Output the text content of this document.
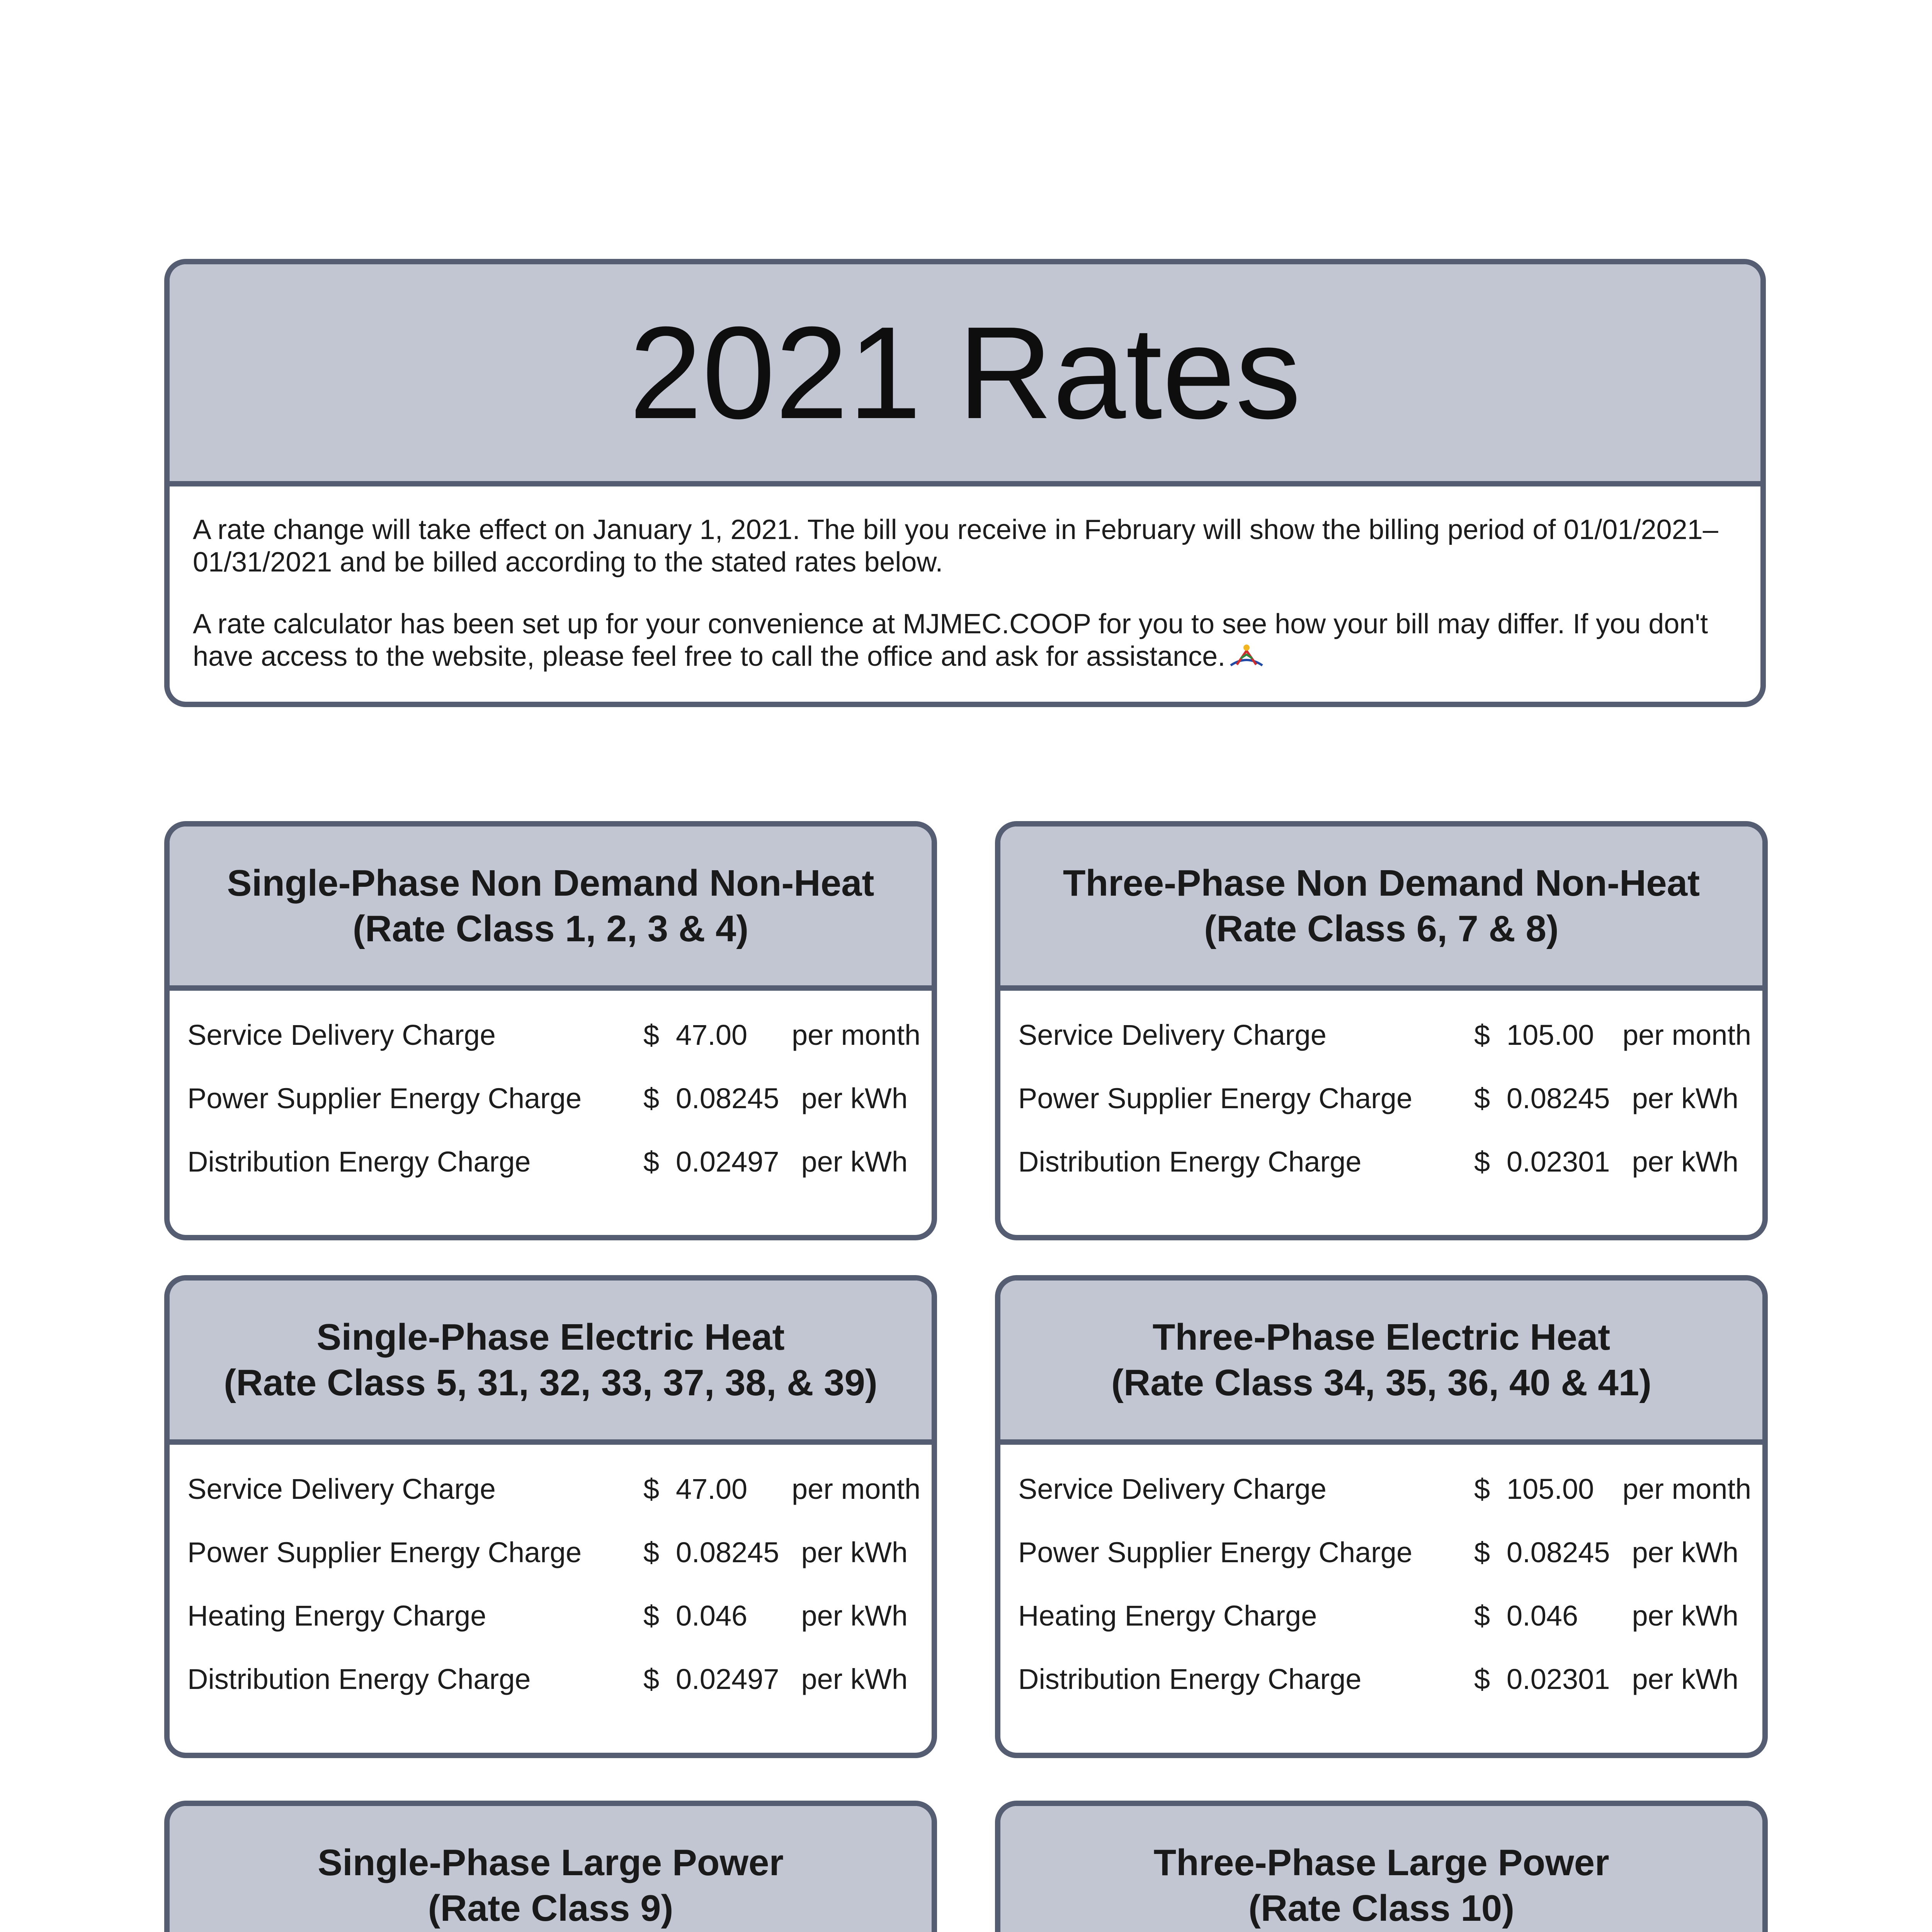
2021 Rates

A rate change will take effect on January 1, 2021. The bill you receive in February will show the billing period of 01/01/2021–01/31/2021 and be billed according to the stated rates below.

A rate calculator has been set up for your convenience at MJMEC.COOP for you to see how your bill may differ. If you don't have access to the website, please feel free to call the office and ask for assistance.

Single-Phase Non Demand Non-Heat
(Rate Class 1, 2, 3 & 4)
Service Delivery Charge	$ 47.00	per month
Power Supplier Energy Charge	$ 0.08245 per kWh
Distribution Energy Charge	$ 0.02497 per kWh
Three-Phase Non Demand Non-Heat
(Rate Class 6, 7 & 8)
Service Delivery Charge	$ 105.00 per month
Power Supplier Energy Charge	$ 0.08245 per kWh
Distribution Energy Charge	$ 0.02301 per kWh
Single-Phase Electric Heat
(Rate Class 5, 31, 32, 33, 37, 38, & 39)
Service Delivery Charge	$ 47.00	per month
Power Supplier Energy Charge	$ 0.08245 per kWh
Heating Energy Charge	$ 0.046	per kWh
Distribution Energy Charge	$ 0.02497 per kWh
Three-Phase Electric Heat
(Rate Class 34, 35, 36, 40 & 41)
Service Delivery Charge	$ 105.00 per month
Power Supplier Energy Charge	$ 0.08245 per kWh
Heating Energy Charge	$ 0.046	per kWh
Distribution Energy Charge	$ 0.02301 per kWh
Single-Phase Large Power
(Rate Class 9)
Three-Phase Large Power
(Rate Class 10)
